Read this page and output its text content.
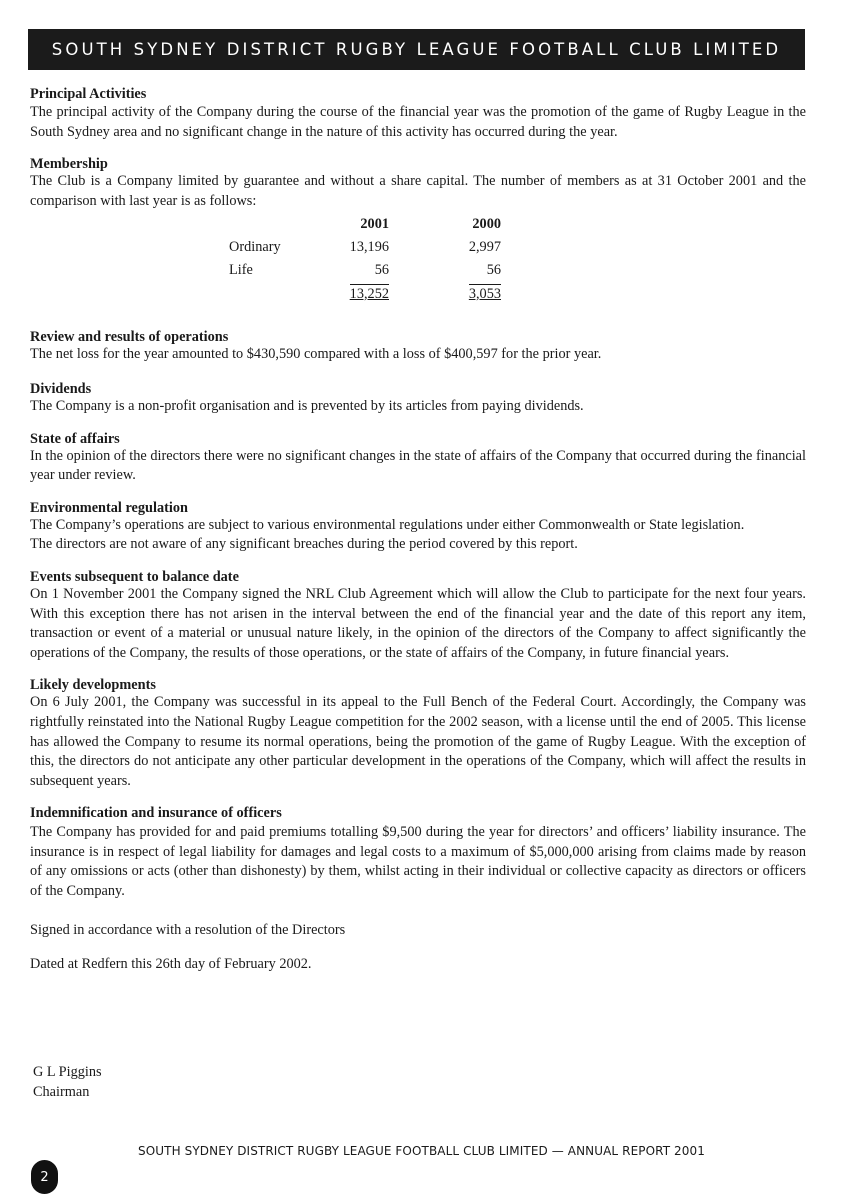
SOUTH SYDNEY DISTRICT RUGBY LEAGUE FOOTBALL CLUB LIMITED

Principal Activities

The principal activity of the Company during the course of the financial year was the promotion of the game of Rugby League in the South Sydney area and no significant change in the nature of this activity has occurred during the year.

Membership

The Club is a Company limited by guarantee and without a share capital. The number of members as at 31 October 2001 and the comparison with last year is as follows:

	2001	2000
Ordinary	13,196	2,997
Life	56	56
	13,252	3,053

Review and results of operations

The net loss for the year amounted to $430,590 compared with a loss of $400,597 for the prior year.

Dividends

The Company is a non-profit organisation and is prevented by its articles from paying dividends.

State of affairs

In the opinion of the directors there were no significant changes in the state of affairs of the Company that occurred during the financial year under review.

Environmental regulation

The Company’s operations are subject to various environmental regulations under either Commonwealth or State legislation.

The directors are not aware of any significant breaches during the period covered by this report.

Events subsequent to balance date

On 1 November 2001 the Company signed the NRL Club Agreement which will allow the Club to participate for the next four years. With this exception there has not arisen in the interval between the end of the financial year and the date of this report any item, transaction or event of a material or unusual nature likely, in the opinion of the directors of the Company to affect significantly the operations of the Company, the results of those operations, or the state of affairs of the Company, in future financial years.

Likely developments

On 6 July 2001, the Company was successful in its appeal to the Full Bench of the Federal Court. Accordingly, the Company was rightfully reinstated into the National Rugby League competition for the 2002 season, with a license until the end of 2005. This license has allowed the Company to resume its normal operations, being the promotion of the game of Rugby League. With the exception of this, the directors do not anticipate any other particular development in the operations of the Company, which will affect the results in subsequent years.

Indemnification and insurance of officers

The Company has provided for and paid premiums totalling $9,500 during the year for directors’ and officers’ liability insurance. The insurance is in respect of legal liability for damages and legal costs to a maximum of $5,000,000 arising from claims made by reason of any omissions or acts (other than dishonesty) by them, whilst acting in their individual or collective capacity as directors or officers of the Company.

Signed in accordance with a resolution of the Directors

Dated at Redfern this 26th day of February 2002.

G L Piggins
Chairman
SOUTH SYDNEY DISTRICT RUGBY LEAGUE FOOTBALL CLUB LIMITED — ANNUAL REPORT 2001
2
